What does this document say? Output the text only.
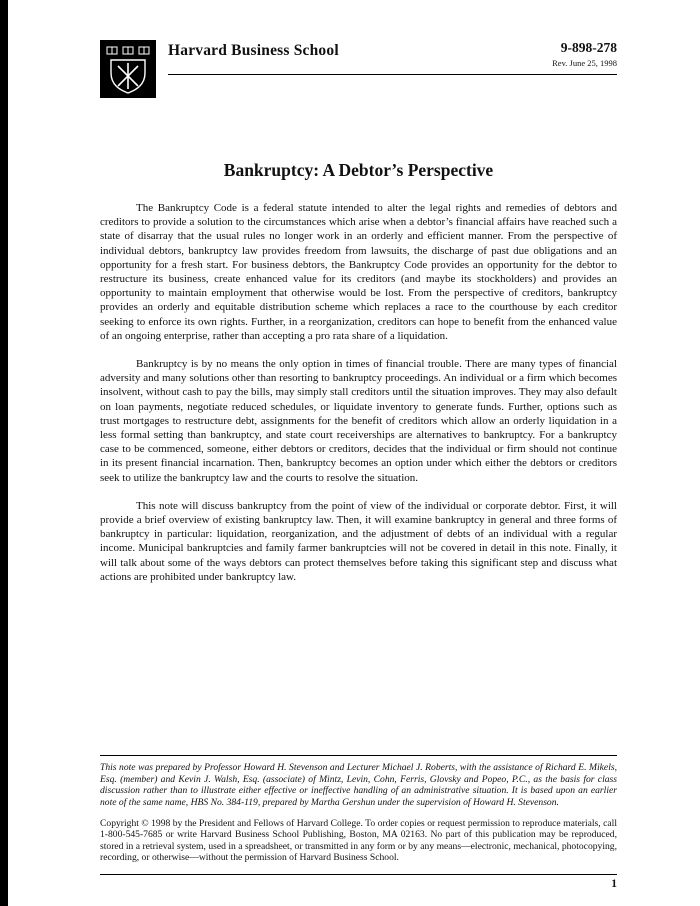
Harvard Business School	9-898-278
Rev. June 25, 1998
Bankruptcy: A Debtor’s Perspective

The Bankruptcy Code is a federal statute intended to alter the legal rights and remedies of debtors and creditors to provide a solution to the circumstances which arise when a debtor’s financial affairs have reached such a state of disarray that the usual rules no longer work in an orderly and efficient manner. From the perspective of individual debtors, bankruptcy law provides freedom from lawsuits, the discharge of past due obligations and an opportunity for a fresh start. For business debtors, the Bankruptcy Code provides an opportunity for the debtor to restructure its business, create enhanced value for its creditors (and maybe its stockholders) and provides an opportunity to maintain employment that otherwise would be lost. From the perspective of creditors, bankruptcy provides an orderly and equitable distribution scheme which replaces a race to the courthouse by each creditor seeking to enforce its own rights. Further, in a reorganization, creditors can hope to benefit from the enhanced value of an ongoing enterprise, rather than accepting a pro rata share of a liquidation.

Bankruptcy is by no means the only option in times of financial trouble. There are many types of financial adversity and many solutions other than resorting to bankruptcy proceedings. An individual or a firm which becomes insolvent, without cash to pay the bills, may simply stall creditors until the situation improves. They may also default on loan payments, negotiate reduced schedules, or liquidate inventory to generate funds. Further, options such as trust mortgages to restructure debt, assignments for the benefit of creditors which allow an orderly liquidation in a less formal setting than bankruptcy, and state court receiverships are alternatives to bankruptcy. For a bankruptcy case to be commenced, someone, either debtors or creditors, decides that the individual or firm should not continue in its present financial incarnation. Then, bankruptcy becomes an option under which either the debtors or creditors seek to utilize the bankruptcy law and the courts to resolve the situation.

This note will discuss bankruptcy from the point of view of the individual or corporate debtor. First, it will provide a brief overview of existing bankruptcy law. Then, it will examine bankruptcy in general and three forms of bankruptcy in particular: liquidation, reorganization, and the adjustment of debts of an individual with a regular income. Municipal bankruptcies and family farmer bankruptcies will not be covered in detail in this note. Finally, it will talk about some of the ways debtors can protect themselves before taking this significant step and discuss what actions are prohibited under bankruptcy law.

This note was prepared by Professor Howard H. Stevenson and Lecturer Michael J. Roberts, with the assistance of Richard E. Mikels, Esq. (member) and Kevin J. Walsh, Esq. (associate) of Mintz, Levin, Cohn, Ferris, Glovsky and Popeo, P.C., as the basis for class discussion rather than to illustrate either effective or ineffective handling of an administrative situation. It is based upon an earlier note of the same name, HBS No. 384-119, prepared by Martha Gershun under the supervision of Howard H. Stevenson.

Copyright © 1998 by the President and Fellows of Harvard College. To order copies or request permission to reproduce materials, call 1-800-545-7685 or write Harvard Business School Publishing, Boston, MA 02163. No part of this publication may be reproduced, stored in a retrieval system, used in a spreadsheet, or transmitted in any form or by any means—electronic, mechanical, photocopying, recording, or otherwise—without the permission of Harvard Business School.

1
